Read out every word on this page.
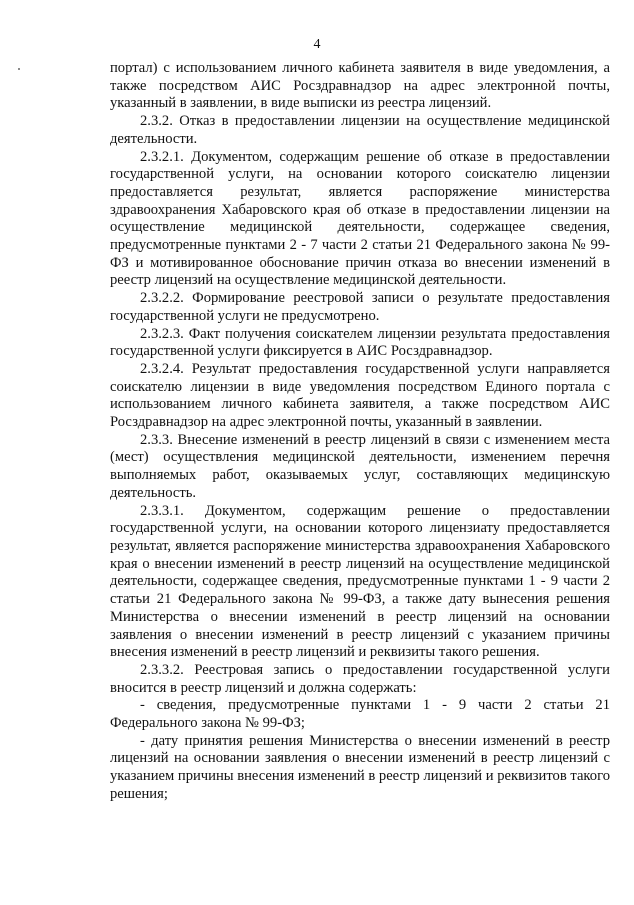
4

портал) с использованием личного кабинета заявителя в виде уведомления, а также посредством АИС Росздравнадзор на адрес электронной почты, указанный в заявлении, в виде выписки из реестра лицензий.

2.3.2. Отказ в предоставлении лицензии на осуществление медицинской деятельности.

2.3.2.1. Документом, содержащим решение об отказе в предоставлении государственной услуги, на основании которого соискателю лицензии предоставляется результат, является распоряжение министерства здравоохранения Хабаровского края об отказе в предоставлении лицензии на осуществление медицинской деятельности, содержащее сведения, предусмотренные пунктами 2 - 7 части 2 статьи 21 Федерального закона № 99-ФЗ и мотивированное обоснование причин отказа во внесении изменений в реестр лицензий на осуществление медицинской деятельности.

2.3.2.2. Формирование реестровой записи о результате предоставления государственной услуги не предусмотрено.

2.3.2.3. Факт получения соискателем лицензии результата предоставления государственной услуги фиксируется в АИС Росздравнадзор.

2.3.2.4. Результат предоставления государственной услуги направляется соискателю лицензии в виде уведомления посредством Единого портала с использованием личного кабинета заявителя, а также посредством АИС Росздравнадзор на адрес электронной почты, указанный в заявлении.

2.3.3. Внесение изменений в реестр лицензий в связи с изменением места (мест) осуществления медицинской деятельности, изменением перечня выполняемых работ, оказываемых услуг, составляющих медицинскую деятельность.

2.3.3.1. Документом, содержащим решение о предоставлении государственной услуги, на основании которого лицензиату предоставляется результат, является распоряжение министерства здравоохранения Хабаровского края о внесении изменений в реестр лицензий на осуществление медицинской деятельности, содержащее сведения, предусмотренные пунктами 1 - 9 части 2 статьи 21 Федерального закона № 99-ФЗ, а также дату вынесения решения Министерства о внесении изменений в реестр лицензий на основании заявления о внесении изменений в реестр лицензий с указанием причины внесения изменений в реестр лицензий и реквизиты такого решения.

2.3.3.2. Реестровая запись о предоставлении государственной услуги вносится в реестр лицензий и должна содержать:

- сведения, предусмотренные пунктами 1 - 9 части 2 статьи 21 Федерального закона № 99-ФЗ;

- дату принятия решения Министерства о внесении изменений в реестр лицензий на основании заявления о внесении изменений в реестр лицензий с указанием причины внесения изменений в реестр лицензий и реквизитов такого решения;
